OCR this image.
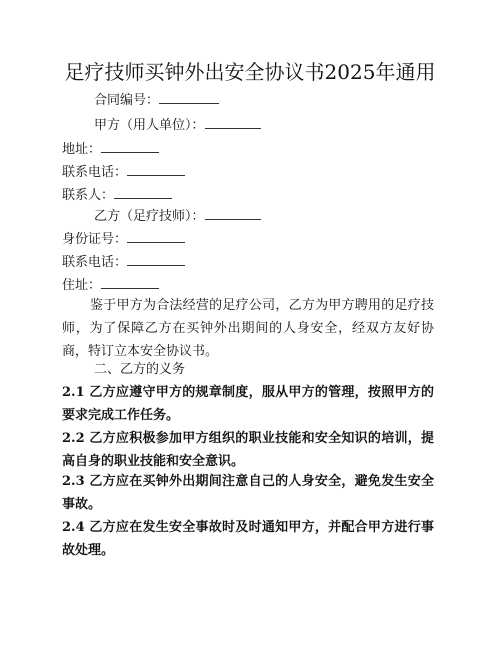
足疗技师买钟外出安全协议书2025年通用
合同编号：
甲方（用人单位）：
地址：
联系电话：
联系人：
乙方（足疗技师）：
身份证号：
联系电话：
住址：
鉴于甲方为合法经营的足疗公司，乙方为甲方聘用的足疗技师，为了保障乙方在买钟外出期间的人身安全，经双方友好协商，特订立本安全协议书。
二、乙方的义务
2.1 乙方应遵守甲方的规章制度，服从甲方的管理，按照甲方的要求完成工作任务。
2.2 乙方应积极参加甲方组织的职业技能和安全知识的培训，提高自身的职业技能和安全意识。
2.3 乙方应在买钟外出期间注意自己的人身安全，避免发生安全事故。
2.4 乙方应在发生安全事故时及时通知甲方，并配合甲方进行事故处理。
